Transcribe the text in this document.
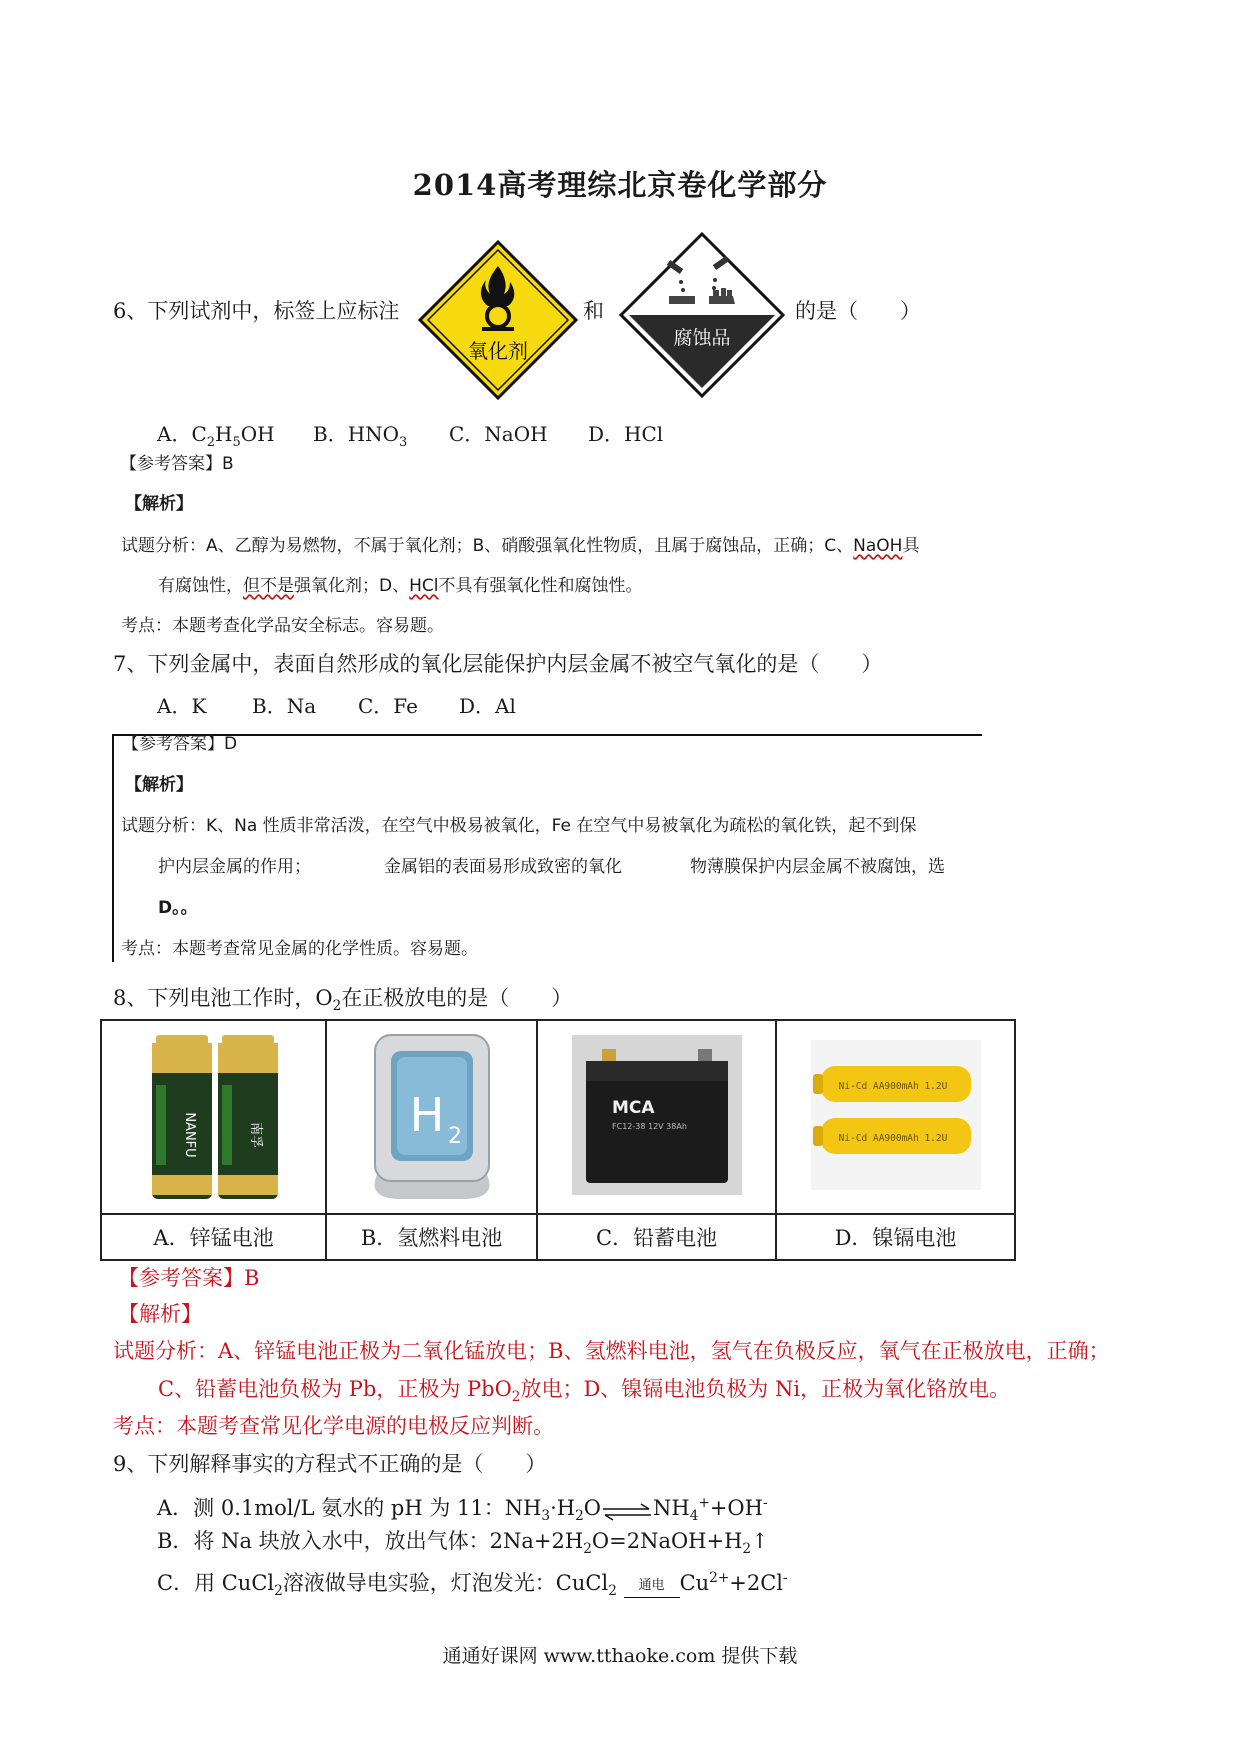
2014高考理综北京卷化学部分
6、下列试剂中，标签上应标注
氧化剂
和
腐蚀品
的是（　　）
A．$C_2H_5OH$ B．$HNO_3$ C．NaOH D．HCl
【参考答案】B
【解析】
试题分析：A、乙醇为易燃物，不属于氧化剂；B、硝酸强氧化性物质，且属于腐蚀品，正确；C、NaOH具
有腐蚀性，但不是强氧化剂；D、HCl不具有强氧化性和腐蚀性。
考点：本题考查化学品安全标志。容易题。
7、下列金属中，表面自然形成的氧化层能保护内层金属不被空气氧化的是（　　）
A．K B．Na C．Fe D．Al
【参考答案】D
【解析】
试题分析：K、Na 性质非常活泼，在空气中极易被氧化，Fe 在空气中易被氧化为疏松的氧化铁，起不到保
护内层金属的作用；	金属铝的表面易形成致密的氧化	物薄膜保护内层金属不被腐蚀，选
D。。
考点：本题考查常见金属的化学性质。容易题。
8、下列电池工作时，$O_2$在正极放电的是（　　）
NANFU 南孚	H 2	MCA
FC12-38 12V 38Ah	Ni-Cd AA900mAh 1.2U
Ni-Cd AA900mAh 1.2U

A．锌锰电池	B．氢燃料电池	C．铅蓄电池	D．镍镉电池
【参考答案】B
【解析】
试题分析：A、锌锰电池正极为二氧化锰放电；B、氢燃料电池，氢气在负极反应，氧气在正极放电，正确；
C、铅蓄电池负极为 Pb，正极为 PbO$_2$放电；D、镍镉电池负极为 Ni，正极为氧化铬放电。
考点：本题考查常见化学电源的电极反应判断。
9、下列解释事实的方程式不正确的是（　　）
A．测 0.1mol/L 氨水的 pH 为 11：$NH_3\cdot H_2O\rightleftharpoons NH_4^++OH^-$
B．将 Na 块放入水中，放出气体：$2Na+2H_2O=2NaOH+H_2↑$
C．用 CuCl$_2$溶液做导电实验，灯泡发光：CuCl$_2$	通电 $Cu^{2+}+2Cl^-$
通通好课网 www.tthaoke.com 提供下载
